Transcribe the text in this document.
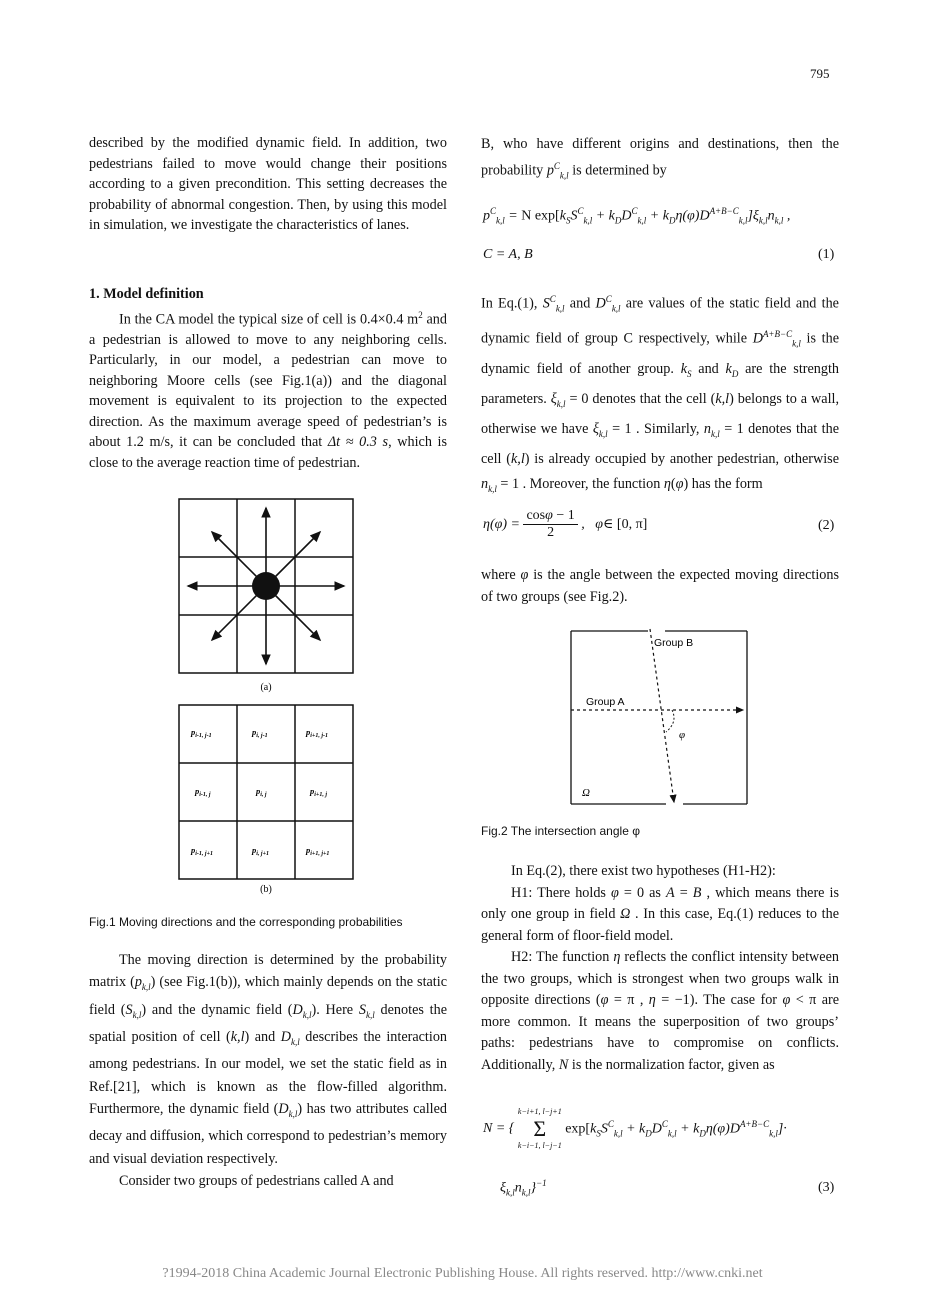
795

described by the modified dynamic field. In addition, two pedestrians failed to move would change their positions according to a given precondition. This setting decreases the probability of abnormal congestion. Then, by using this model in simulation, we investigate the characteristics of lanes.

1. Model definition

In the CA model the typical size of cell is 0.4×0.4 $m^2$ and a pedestrian is allowed to move to any neighboring cells. Particularly, in our model, a pedestrian can move to neighboring Moore cells (see Fig.1(a)) and the diagonal movement is equivalent to its projection to the expected direction. As the maximum average speed of pedestrian’s is about 1.2 m/s, it can be concluded that Δt ≈ 0.3 s, which is close to the average reaction time of pedestrian.

(a)
$p_{i-1, j-1}$	$p_{i, j-1}$	$p_{i+1, j-1}$
$p_{i-1, j}$	$p_{i, j}$	$p_{i+1, j}$
$p_{i-1, j+1}$	$p_{i, j+1}$	$p_{i+1, j+1}$
(b)
Fig.1 Moving directions and the corresponding probabilities

The moving direction is determined by the probability matrix $(p_{k,l})$ (see Fig.1(b)), which mainly depends on the static field $(S_{k,l})$ and the dynamic field $(D_{k,l})$. Here $S_{k,l}$ denotes the spatial position of cell (k,l) and $D_{k,l}$ describes the interaction among pedestrians. In our model, we set the static field as in Ref.[21], which is known as the flow-filled algorithm. Furthermore, the dynamic field $(D_{k,l})$ has two attributes called decay and diffusion, which correspond to pedestrian’s memory and visual deviation respectively.

Consider two groups of pedestrians called A and

B, who have different origins and destinations, then the probability $p^C_{k,l}$ is determined by

$p^C_{k,l} = N$ $\exp[k_SS^C_{k,l} + k_DD^C_{k,l} + k_D\eta(\varphi)D^{A+B-C}_{k,l}]\xi_{k,l}n_{k,l}$ ,
C = A, B	(1)

In Eq.(1), $S^C_{k,l}$ and $D^C_{k,l}$ are values of the static field and the dynamic field of group C respectively, while $D^{A+B-C}_{k,l}$ is the dynamic field of another group. $k_S$ and $k_D$ are the strength parameters. $\xi_{k,l} = 0$ denotes that the cell (k,l) belongs to a wall, otherwise we have $\xi_{k,l} = 1$ . Similarly, $n_{k,l} = 1$ denotes that the cell (k,l) is already occupied by another pedestrian, otherwise $n_{k,l} = 1$ . Moreover, the function η(φ) has the form

$\eta(\varphi) = \frac{\cos\varphi - 1}{2}$ ,   φ∈ [0, π]	(2)

where φ is the angle between the expected moving directions of two groups (see Fig.2).

Group B
Group A
φ
Ω
Fig.2 The intersection angle φ

In Eq.(2), there exist two hypotheses (H1-H2):

H1: There holds φ = 0 as A = B , which means there is only one group in field Ω . In this case, Eq.(1) reduces to the general form of floor-field model.

H2: The function η reflects the conflict intensity between the two groups, which is strongest when two groups walk in opposite directions (φ = π , η = −1). The case for φ < π are more common. It means the superposition of two groups’ paths: pedestrians have to compromise on conflicts. Additionally, N is the normalization factor, given as

N = {
k−i+1, l−j+1
Σ
k−i−1, l−j−1
$\exp[k_SS^C_{k,l} + k_DD^C_{k,l} + k_D\eta(\varphi)D^{A+B-C}_{k,l}]\cdot$
$\xi_{k,l}n_{k,l}\}^{-1}$	(3)
?1994-2018 China Academic Journal Electronic Publishing House. All rights reserved. http://www.cnki.net
